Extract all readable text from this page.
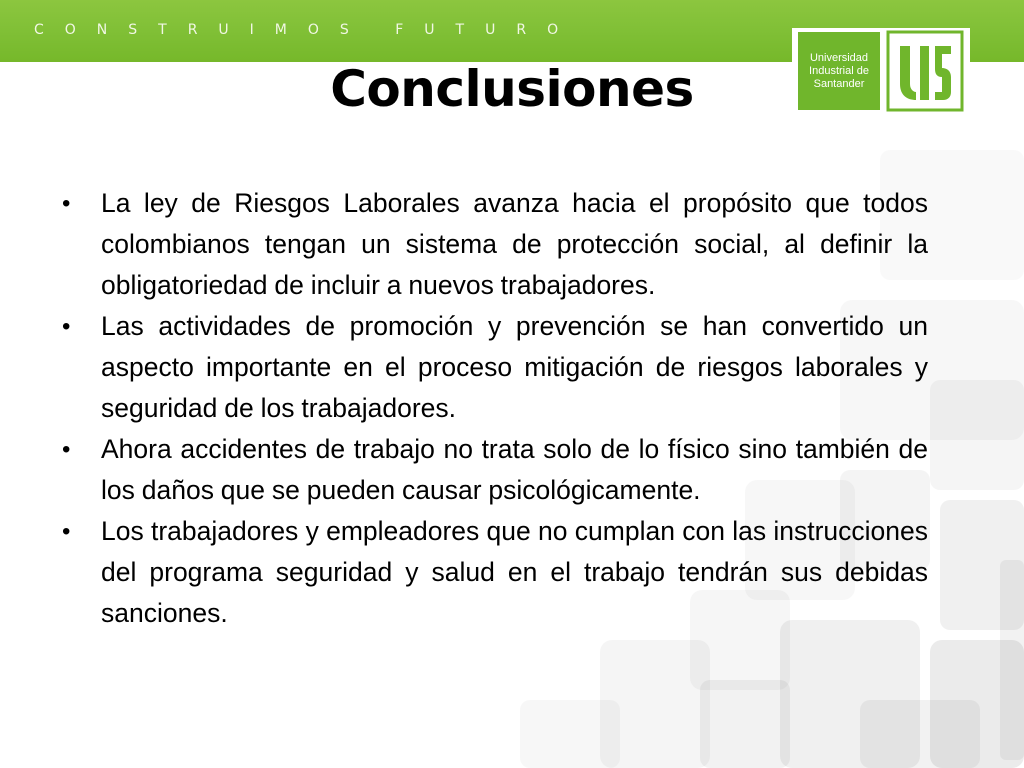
CONSTRUIMOS FUTURO
Universidad
Industrial de
Santander
Conclusiones
• La ley de Riesgos Laborales avanza hacia el propósito que todos colombianos tengan un sistema de protección social, al definir la obligatoriedad de incluir a nuevos trabajadores.
• Las actividades de promoción y prevención se han convertido un aspecto importante en el proceso mitigación de riesgos laborales y seguridad de los trabajadores.
• Ahora accidentes de trabajo no trata solo de lo físico sino también de los daños que se pueden causar psicológicamente.
• Los trabajadores y empleadores que no cumplan con las instrucciones del programa seguridad y salud en el trabajo tendrán sus debidas sanciones.
